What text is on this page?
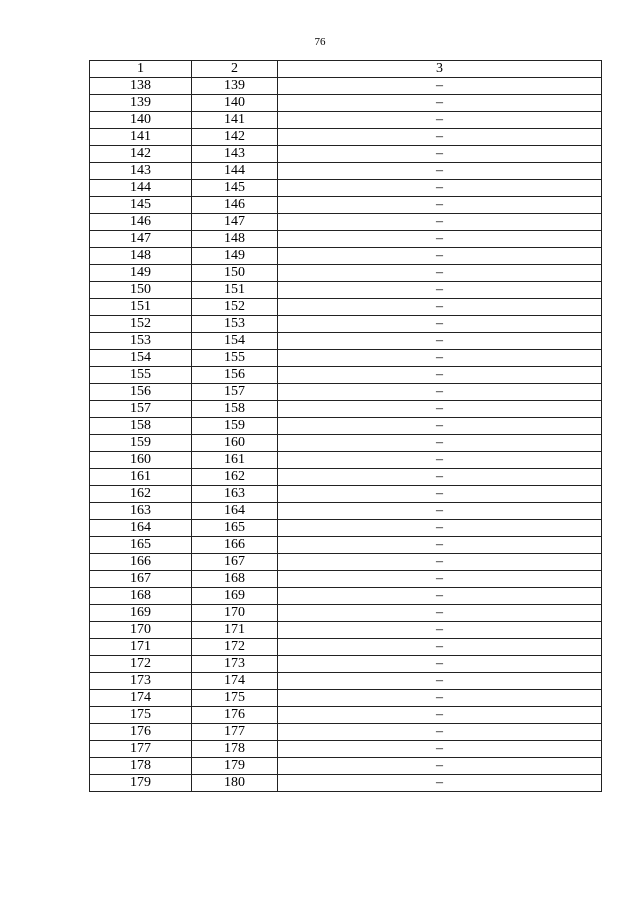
76
1	2	3
138	139	–
139	140	–
140	141	–
141	142	–
142	143	–
143	144	–
144	145	–
145	146	–
146	147	–
147	148	–
148	149	–
149	150	–
150	151	–
151	152	–
152	153	–
153	154	–
154	155	–
155	156	–
156	157	–
157	158	–
158	159	–
159	160	–
160	161	–
161	162	–
162	163	–
163	164	–
164	165	–
165	166	–
166	167	–
167	168	–
168	169	–
169	170	–
170	171	–
171	172	–
172	173	–
173	174	–
174	175	–
175	176	–
176	177	–
177	178	–
178	179	–
179	180	–
